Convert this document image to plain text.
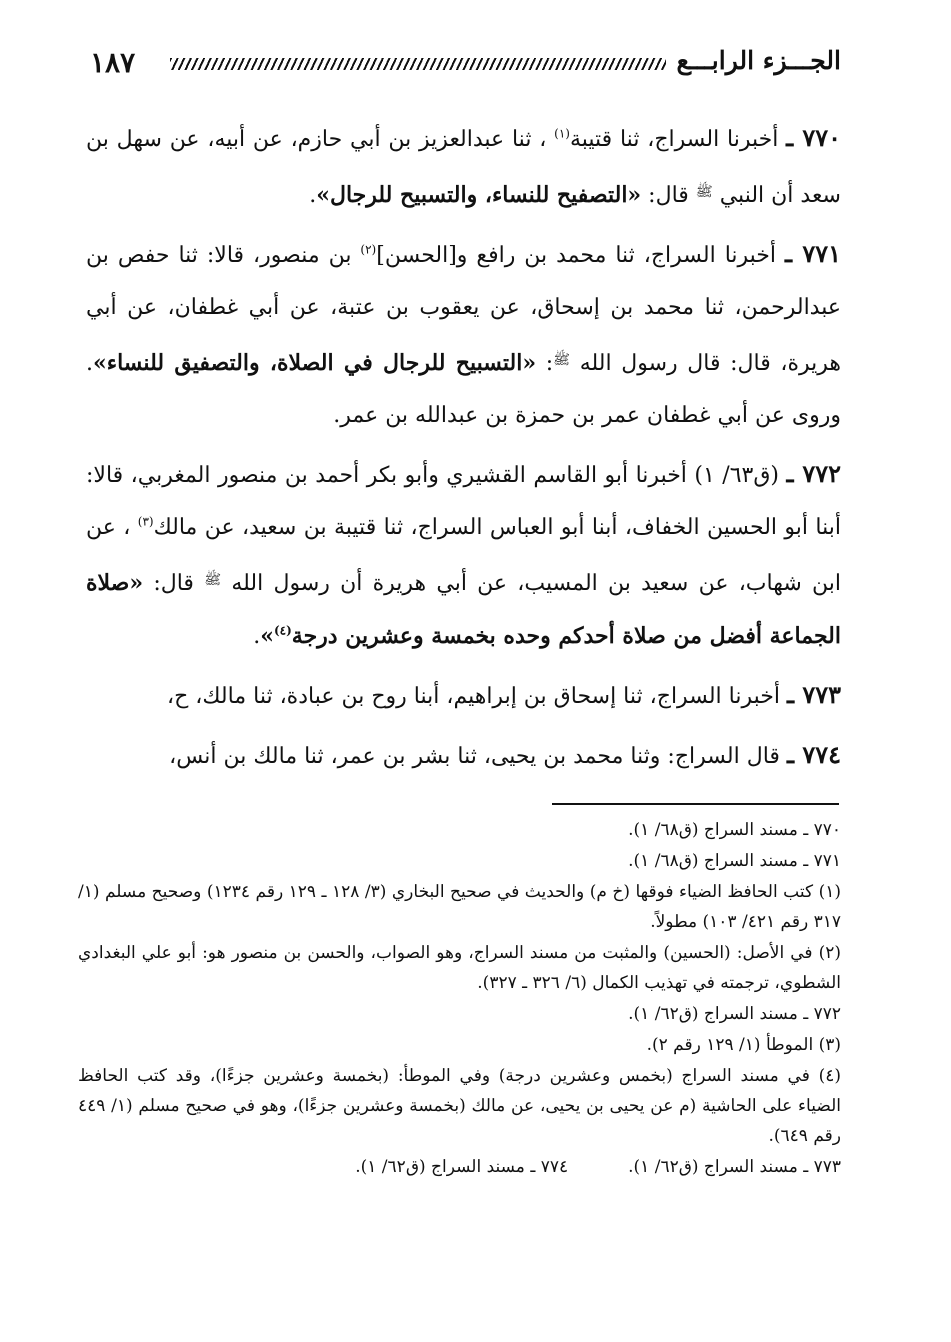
الجـــزء الرابـــع
١٨٧

٧٧٠ ـ أخبرنا السراج، ثنا قتيبة$^{(١)}$ ، ثنا عبدالعزيز بن أبي حازم، عن أبيه، عن سهل بن سعد أن النبي $^ﷺ$ قال: «التصفيح للنساء، والتسبيح للرجال».

٧٧١ ـ أخبرنا السراج، ثنا محمد بن رافع و[الحسن]$^{(٢)}$ بن منصور، قالا: ثنا حفص بن عبدالرحمن، ثنا محمد بن إسحاق، عن يعقوب بن عتبة، عن أبي غطفان، عن أبي هريرة، قال: قال رسول الله $^ﷺ$: «التسبيح للرجال في الصلاة، والتصفيق للنساء». وروى عن أبي غطفان عمر بن حمزة بن عبدالله بن عمر.

٧٧٢ ـ (ق٦٣/ ١) أخبرنا أبو القاسم القشيري وأبو بكر أحمد بن منصور المغربي، قالا: أبنا أبو الحسين الخفاف، أبنا أبو العباس السراج، ثنا قتيبة بن سعيد، عن مالك$^{(٣)}$ ، عن ابن شهاب، عن سعيد بن المسيب، عن أبي هريرة أن رسول الله $^ﷺ$ قال: «صلاة الجماعة أفضل من صلاة أحدكم وحده بخمسة وعشرين درجة$^{(٤)}$».

٧٧٣ ـ أخبرنا السراج، ثنا إسحاق بن إبراهيم، أبنا روح بن عبادة، ثنا مالك، ح،

٧٧٤ ـ قال السراج: وثنا محمد بن يحيى، ثنا بشر بن عمر، ثنا مالك بن أنس،

٧٧٠ ـ مسند السراج (ق٦٨/ ١).

٧٧١ ـ مسند السراج (ق٦٨/ ١).

(١) كتب الحافظ الضياء فوقها (خ م) والحديث في صحيح البخاري (٣/ ١٢٨ ـ ١٢٩ رقم ١٢٣٤) وصحيح مسلم (١/ ٣١٧ رقم ٤٢١/ ١٠٣) مطولاً.

(٢) في الأصل: (الحسين) والمثبت من مسند السراج، وهو الصواب، والحسن بن منصور هو: أبو علي البغدادي الشطوي، ترجمته في تهذيب الكمال (٦/ ٣٢٦ ـ ٣٢٧).

٧٧٢ ـ مسند السراج (ق٦٢/ ١).

(٣) الموطأ (١/ ١٢٩ رقم ٢).

(٤) في مسند السراج (بخمس وعشرين درجة) وفي الموطأ: (بخمسة وعشرين جزءًا)، وقد كتب الحافظ الضياء على الحاشية (م عن يحيى بن يحيى، عن مالك (بخمسة وعشرين جزءًا)، وهو في صحيح مسلم (١/ ٤٤٩ رقم ٦٤٩).

٧٧٣ ـ مسند السراج (ق٦٢/ ١).
٧٧٤ ـ مسند السراج (ق٦٢/ ١).
